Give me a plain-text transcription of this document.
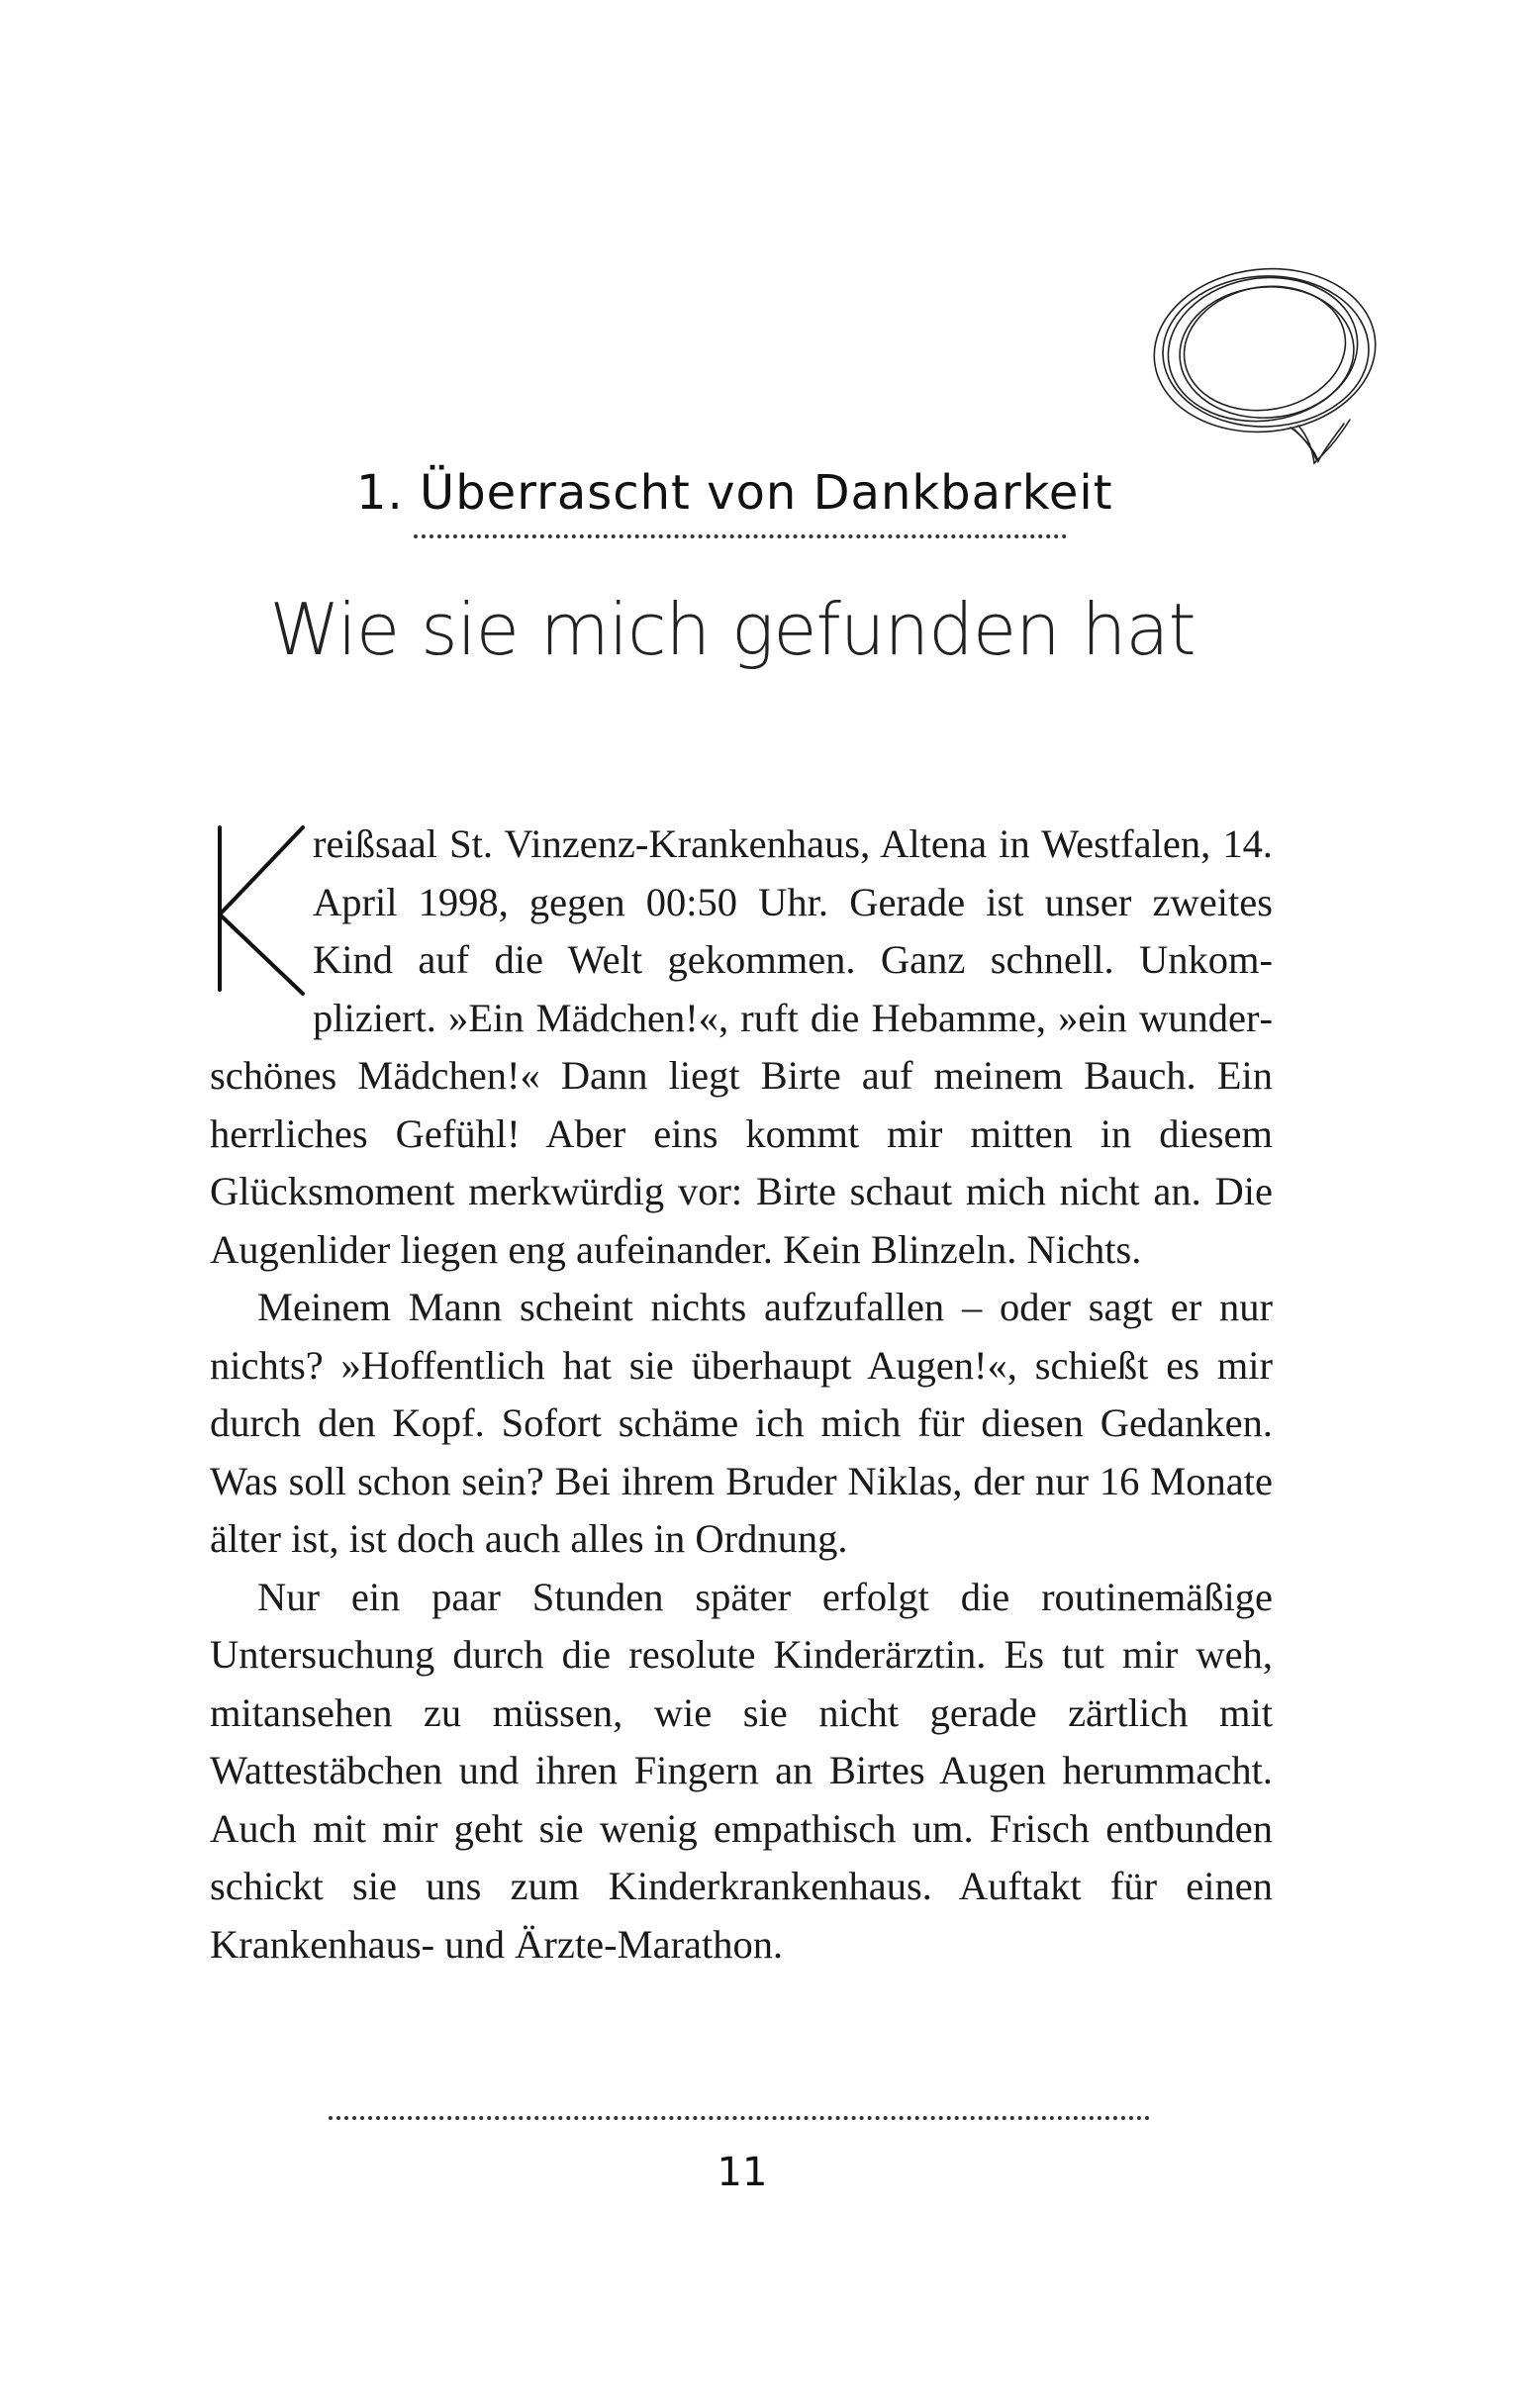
1. Überrascht von Dankbarkeit
Wie sie mich gefunden hat

reißsaal St. Vinzenz-Krankenhaus, Altena in Westfalen, 14. April 1998, gegen 00:50 Uhr. Gerade ist unser zweites Kind auf die Welt gekommen. Ganz schnell. Unkompliziert. »Ein Mädchen!«, ruft die Hebamme, »ein wunderschönes Mädchen!« Dann liegt Birte auf meinem Bauch. Ein herrliches Gefühl! Aber eins kommt mir mitten in diesem Glücksmoment merkwürdig vor: Birte schaut mich nicht an. Die Augenlider liegen eng aufeinander. Kein Blinzeln. Nichts.

Meinem Mann scheint nichts aufzufallen – oder sagt er nur nichts? »Hoffentlich hat sie überhaupt Augen!«, schießt es mir durch den Kopf. Sofort schäme ich mich für diesen Gedanken. Was soll schon sein? Bei ihrem Bruder Niklas, der nur 16 Monate älter ist, ist doch auch alles in Ordnung.

Nur ein paar Stunden später erfolgt die routinemäßige Untersuchung durch die resolute Kinderärztin. Es tut mir weh, mitansehen zu müssen, wie sie nicht gerade zärtlich mit Wattestäbchen und ihren Fingern an Birtes Augen herummacht. Auch mit mir geht sie wenig empathisch um. Frisch entbunden schickt sie uns zum Kinderkrankenhaus. Auftakt für einen Krankenhaus- und Ärzte-Marathon.

11
